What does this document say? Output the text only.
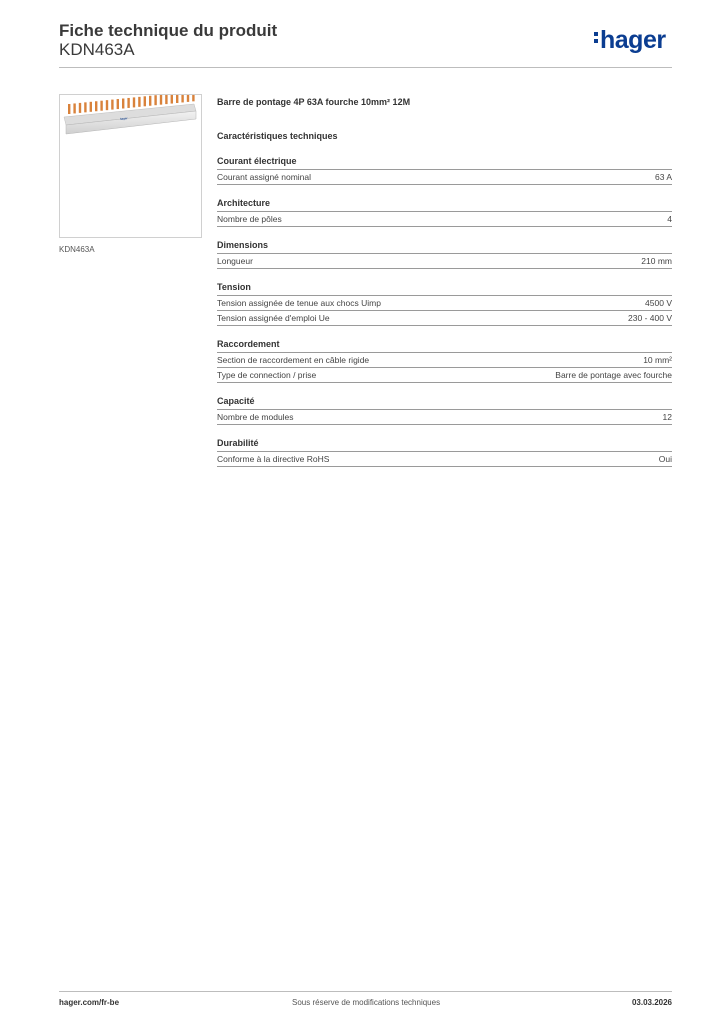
Fiche technique du produit
KDN463A	hager
hager
KDN463A
Barre de pontage 4P 63A fourche 10mm² 12M
Caractéristiques techniques
Courant électrique
Courant assigné nominal	63 A
Architecture
Nombre de pôles	4
Dimensions
Longueur	210 mm
Tension
Tension assignée de tenue aux chocs Uimp	4500 V
Tension assignée d'emploi Ue	230 - 400 V
Raccordement
Section de raccordement en câble rigide	10 mm²
Type de connection / prise	Barre de pontage avec fourche
Capacité
Nombre de modules	12
Durabilité
Conforme à la directive RoHS	Oui
hager.com/fr-be	Sous réserve de modifications techniques	03.03.2026
